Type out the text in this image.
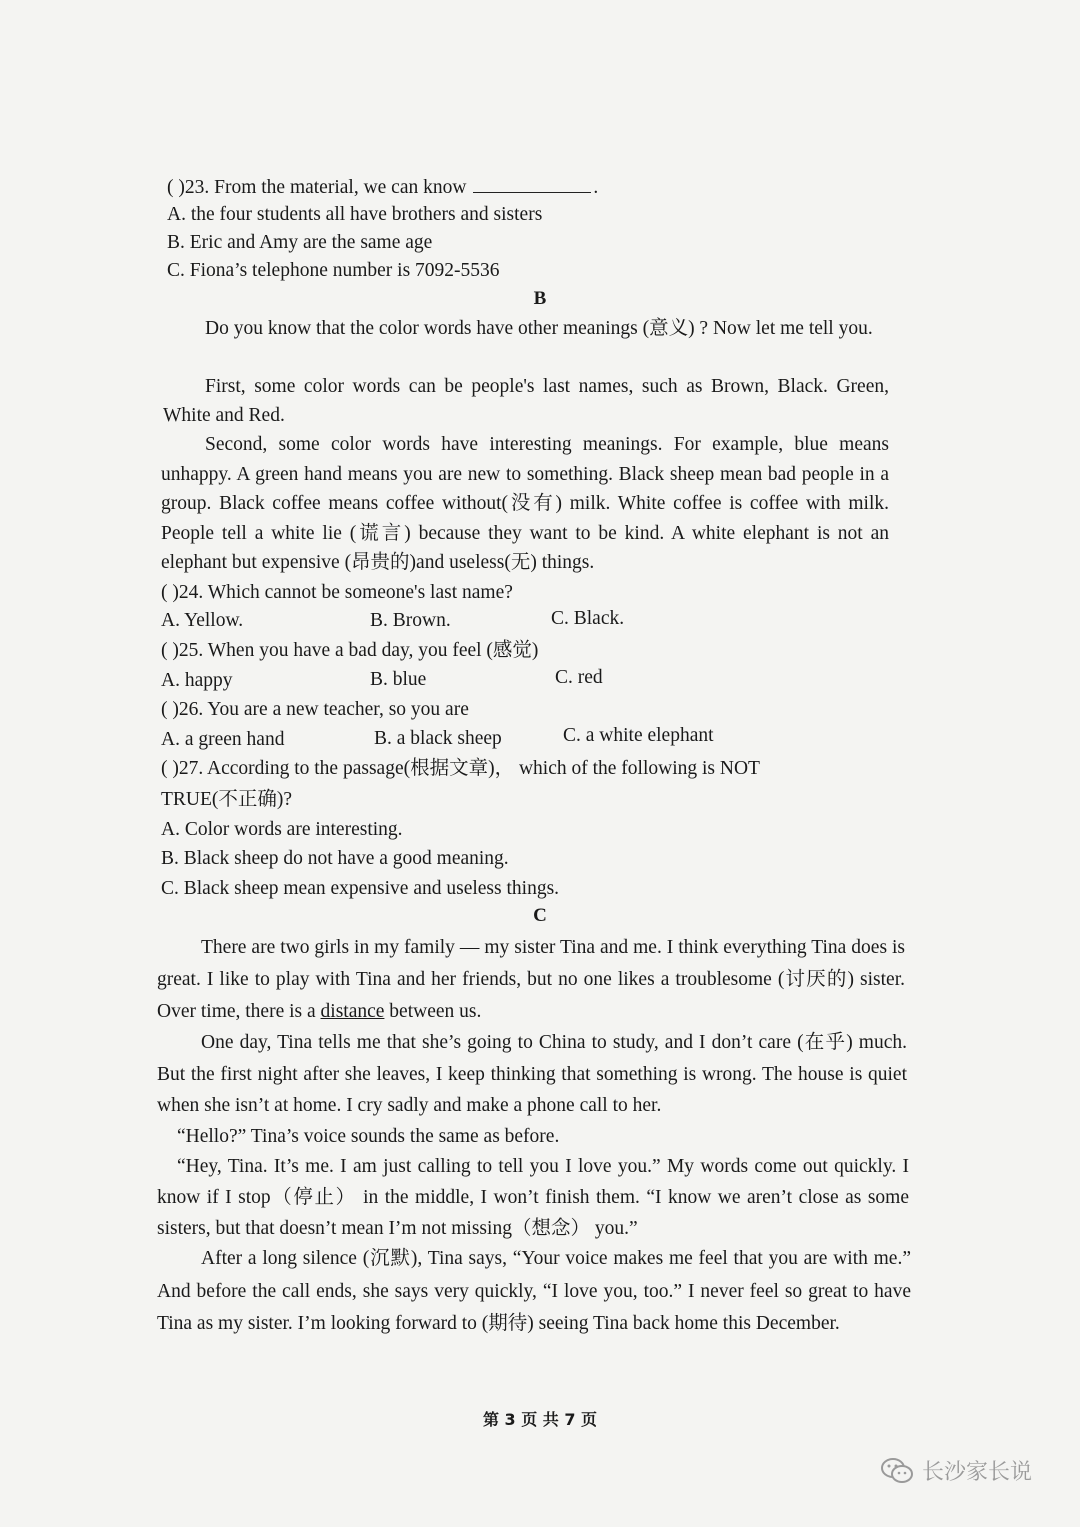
( )23. From the material, we can know	.
A. the four students all have brothers and sisters
B. Eric and Amy are the same age
C. Fiona’s telephone number is 7092-5536
B
Do you know that the color words have other meanings (意义) ? Now let me tell you.
First, some color words can be people's last names, such as Brown, Black. Green, White and Red.
Second, some color words have interesting meanings. For example, blue means unhappy. A green hand means you are new to something. Black sheep mean bad people in a group. Black coffee means coffee without(没有) milk. White coffee is coffee with milk. People tell a white lie (谎言) because they want to be kind. A white elephant is not an elephant but expensive (昂贵的)and useless(无) things.
( )24. Which cannot be someone's last name?
A. Yellow.	B. Brown.	C. Black.
( )25. When you have a bad day, you feel (感觉)
A. happy	B. blue	C. red
( )26. You are a new teacher, so you are
A. a green hand	B. a black sheep	C. a white elephant
( )27. According to the passage(根据文章)， which of the following is NOT
TRUE(不正确)?
A. Color words are interesting.
B. Black sheep do not have a good meaning.
C. Black sheep mean expensive and useless things.
C
There are two girls in my family — my sister Tina and me. I think everything Tina does is great. I like to play with Tina and her friends, but no one likes a troublesome (讨厌的) sister. Over time, there is a distance between us.
One day, Tina tells me that she’s going to China to study, and I don’t care (在乎) much. But the first night after she leaves, I keep thinking that something is wrong. The house is quiet when she isn’t at home. I cry sadly and make a phone call to her.
“Hello?” Tina’s voice sounds the same as before.
“Hey, Tina. It’s me. I am just calling to tell you I love you.” My words come out quickly. I know if I stop（停止） in the middle, I won’t finish them. “I know we aren’t close as some sisters, but that doesn’t mean I’m not missing（想念） you.”
After a long silence (沉默), Tina says, “Your voice makes me feel that you are with me.” And before the call ends, she says very quickly, “I love you, too.” I never feel so great to have Tina as my sister. I’m looking forward to (期待) seeing Tina back home this December.
第 3 页 共 7 页
长沙家长说
